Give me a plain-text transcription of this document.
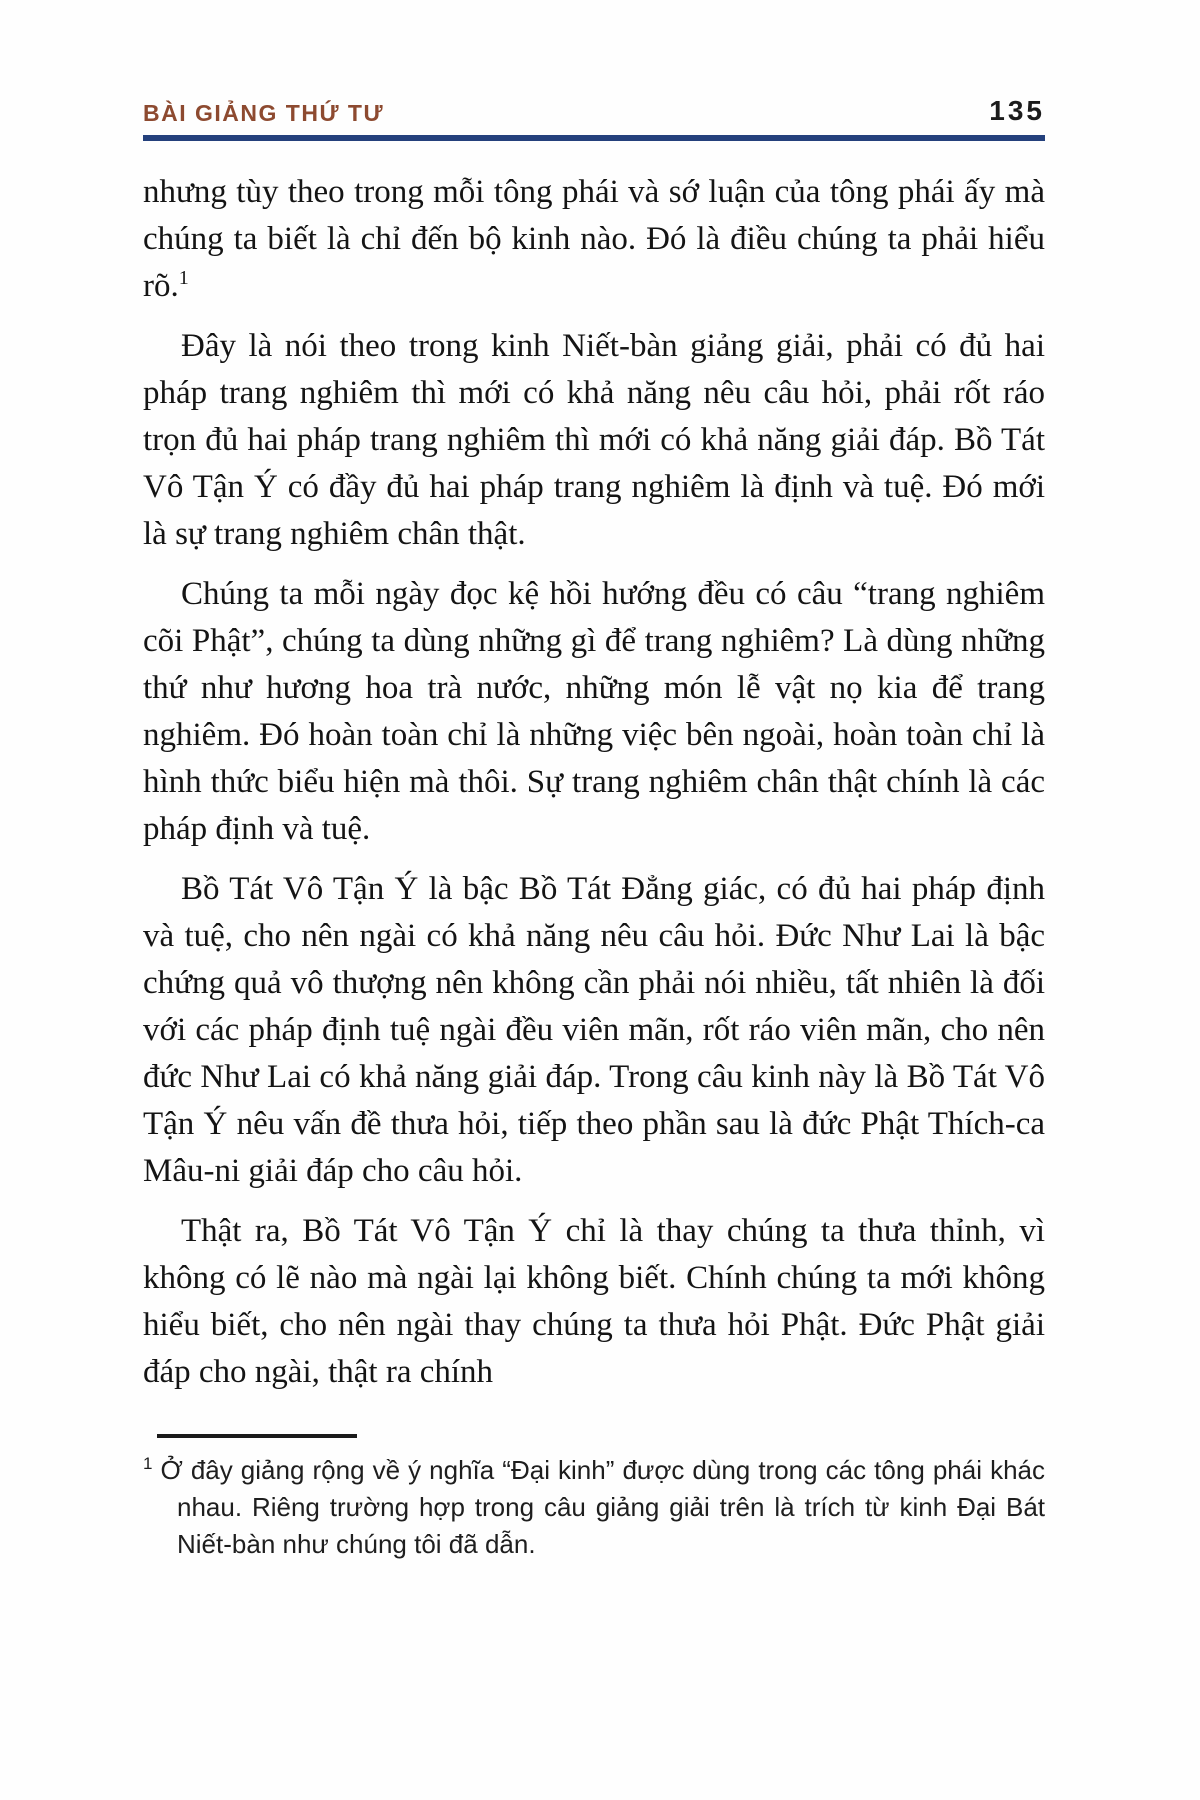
BÀI GIẢNG THỨ TƯ	135

nhưng tùy theo trong mỗi tông phái và sớ luận của tông phái ấy mà chúng ta biết là chỉ đến bộ kinh nào. Đó là điều chúng ta phải hiểu rõ.$^1$

Đây là nói theo trong kinh Niết-bàn giảng giải, phải có đủ hai pháp trang nghiêm thì mới có khả năng nêu câu hỏi, phải rốt ráo trọn đủ hai pháp trang nghiêm thì mới có khả năng giải đáp. Bồ Tát Vô Tận Ý có đầy đủ hai pháp trang nghiêm là định và tuệ. Đó mới là sự trang nghiêm chân thật.

Chúng ta mỗi ngày đọc kệ hồi hướng đều có câu “trang nghiêm cõi Phật”, chúng ta dùng những gì để trang nghiêm? Là dùng những thứ như hương hoa trà nước, những món lễ vật nọ kia để trang nghiêm. Đó hoàn toàn chỉ là những việc bên ngoài, hoàn toàn chỉ là hình thức biểu hiện mà thôi. Sự trang nghiêm chân thật chính là các pháp định và tuệ.

Bồ Tát Vô Tận Ý là bậc Bồ Tát Đẳng giác, có đủ hai pháp định và tuệ, cho nên ngài có khả năng nêu câu hỏi. Đức Như Lai là bậc chứng quả vô thượng nên không cần phải nói nhiều, tất nhiên là đối với các pháp định tuệ ngài đều viên mãn, rốt ráo viên mãn, cho nên đức Như Lai có khả năng giải đáp. Trong câu kinh này là Bồ Tát Vô Tận Ý nêu vấn đề thưa hỏi, tiếp theo phần sau là đức Phật Thích-ca Mâu-ni giải đáp cho câu hỏi.

Thật ra, Bồ Tát Vô Tận Ý chỉ là thay chúng ta thưa thỉnh, vì không có lẽ nào mà ngài lại không biết. Chính chúng ta mới không hiểu biết, cho nên ngài thay chúng ta thưa hỏi Phật. Đức Phật giải đáp cho ngài, thật ra chính

$^1$ Ở đây giảng rộng về ý nghĩa “Đại kinh” được dùng trong các tông phái khác nhau. Riêng trường hợp trong câu giảng giải trên là trích từ kinh Đại Bát Niết-bàn như chúng tôi đã dẫn.
